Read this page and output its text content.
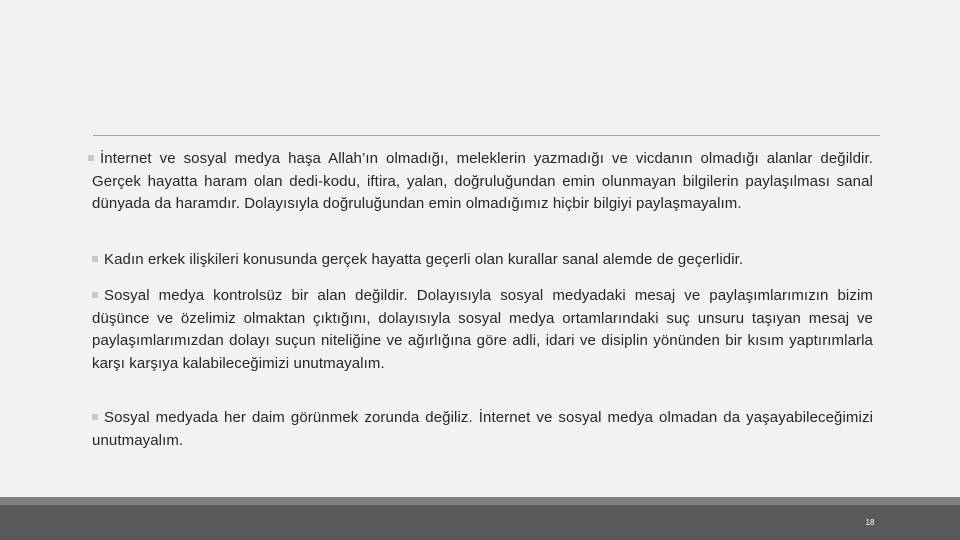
İnternet ve sosyal medya haşa Allah’ın olmadığı, meleklerin yazmadığı ve vicdanın olmadığı alanlar değildir. Gerçek hayatta haram olan dedi-kodu, iftira, yalan, doğruluğundan emin olunmayan bilgilerin paylaşılması sanal dünyada da haramdır. Dolayısıyla doğruluğundan emin olmadığımız hiçbir bilgiyi paylaşmayalım.
Kadın erkek ilişkileri konusunda gerçek hayatta geçerli olan kurallar sanal alemde de geçerlidir.
Sosyal medya kontrolsüz bir alan değildir. Dolayısıyla sosyal medyadaki mesaj ve paylaşımlarımızın bizim düşünce ve özelimiz olmaktan çıktığını, dolayısıyla sosyal medya ortamlarındaki suç unsuru taşıyan mesaj ve paylaşımlarımızdan dolayı suçun niteliğine ve ağırlığına göre adli, idari ve disiplin yönünden bir kısım yaptırımlarla karşı karşıya kalabileceğimizi unutmayalım.
Sosyal medyada her daim görünmek zorunda değiliz. İnternet ve sosyal medya olmadan da yaşayabileceğimizi unutmayalım.
18
